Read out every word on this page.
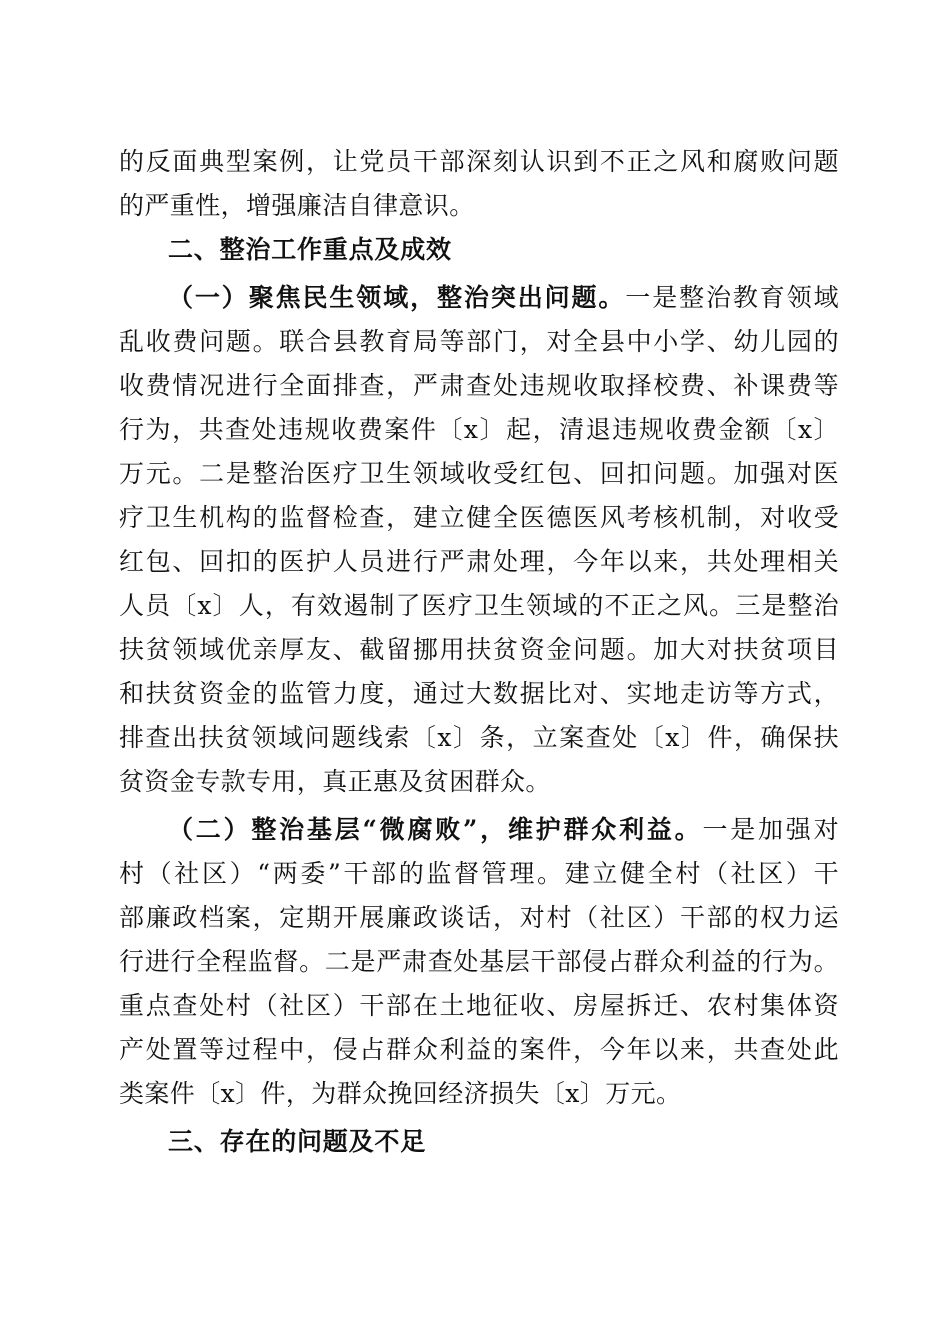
的反面典型案例，让党员干部深刻认识到不正之风和腐败问题
的严重性，增强廉洁自律意识。
二、整治工作重点及成效
（一）聚焦民生领域，整治突出问题。一是整治教育领域
乱收费问题。联合县教育局等部门，对全县中小学、幼儿园的
收费情况进行全面排查，严肃查处违规收取择校费、补课费等
行为，共查处违规收费案件〔x〕起，清退违规收费金额〔x〕
万元。二是整治医疗卫生领域收受红包、回扣问题。加强对医
疗卫生机构的监督检查，建立健全医德医风考核机制，对收受
红包、回扣的医护人员进行严肃处理，今年以来，共处理相关
人员〔x〕人，有效遏制了医疗卫生领域的不正之风。三是整治
扶贫领域优亲厚友、截留挪用扶贫资金问题。加大对扶贫项目
和扶贫资金的监管力度，通过大数据比对、实地走访等方式，
排查出扶贫领域问题线索〔x〕条，立案查处〔x〕件，确保扶
贫资金专款专用，真正惠及贫困群众。
（二）整治基层“微腐败”，维护群众利益。一是加强对
村（社区）“两委”干部的监督管理。建立健全村（社区）干
部廉政档案，定期开展廉政谈话，对村（社区）干部的权力运
行进行全程监督。二是严肃查处基层干部侵占群众利益的行为。
重点查处村（社区）干部在土地征收、房屋拆迁、农村集体资
产处置等过程中，侵占群众利益的案件，今年以来，共查处此
类案件〔x〕件，为群众挽回经济损失〔x〕万元。
三、存在的问题及不足
